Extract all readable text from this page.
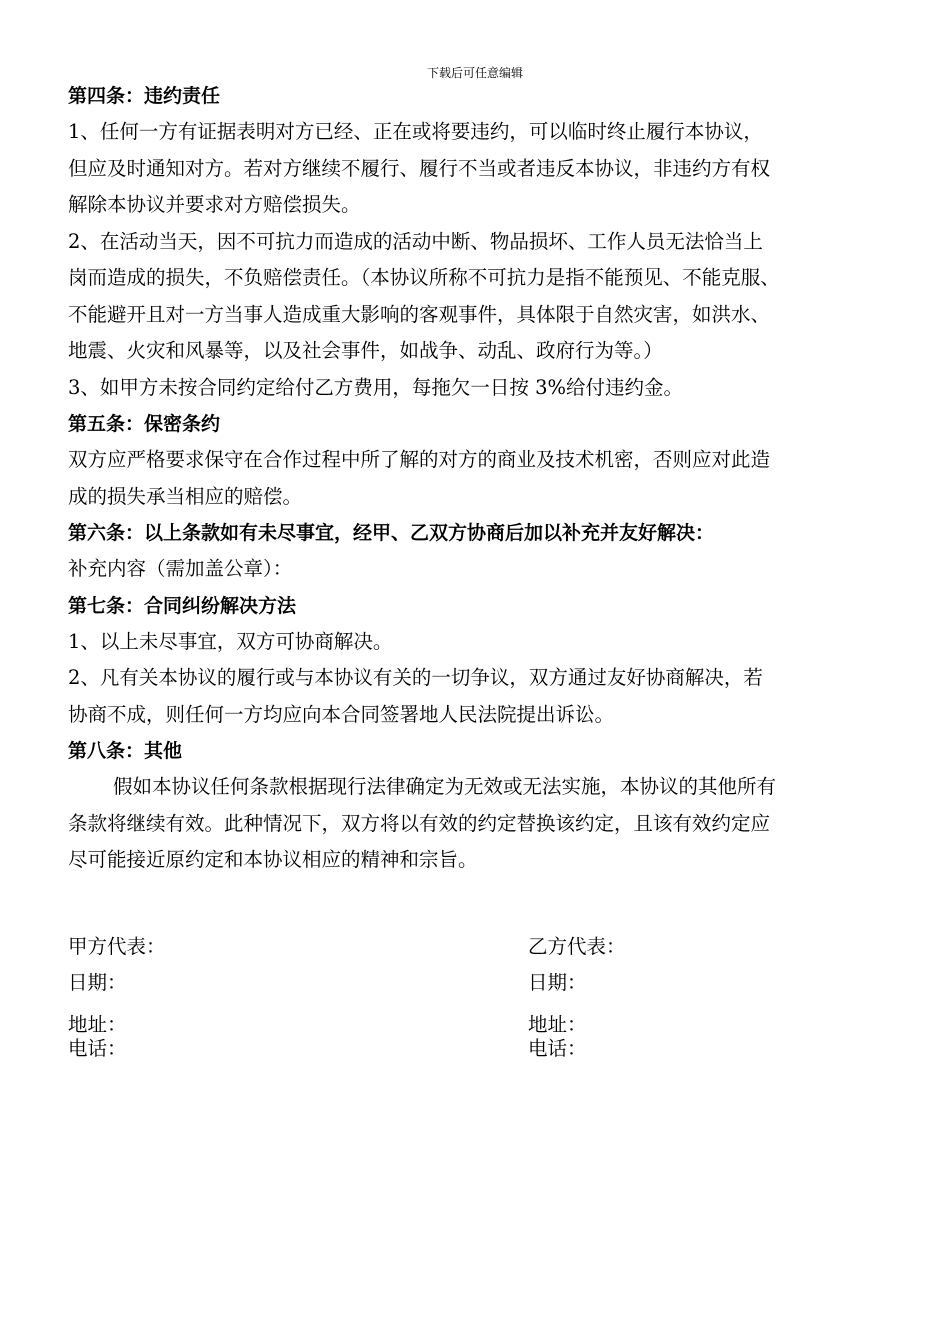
下载后可任意编辑
第四条：违约责任
1、任何一方有证据表明对方已经、正在或将要违约，可以临时终止履行本协议，
但应及时通知对方。若对方继续不履行、履行不当或者违反本协议，非违约方有权
解除本协议并要求对方赔偿损失。
2、在活动当天，因不可抗力而造成的活动中断、物品损坏、工作人员无法恰当上
岗而造成的损失，不负赔偿责任。（本协议所称不可抗力是指不能预见、不能克服、
不能避开且对一方当事人造成重大影响的客观事件，具体限于自然灾害，如洪水、
地震、火灾和风暴等，以及社会事件，如战争、动乱、政府行为等。）
3、如甲方未按合同约定给付乙方费用，每拖欠一日按 3%给付违约金。
第五条：保密条约
双方应严格要求保守在合作过程中所了解的对方的商业及技术机密，否则应对此造
成的损失承当相应的赔偿。
第六条：以上条款如有未尽事宜，经甲、乙双方协商后加以补充并友好解决：
补充内容（需加盖公章）：
第七条：合同纠纷解决方法
1、以上未尽事宜，双方可协商解决。
2、凡有关本协议的履行或与本协议有关的一切争议，双方通过友好协商解决，若
协商不成，则任何一方均应向本合同签署地人民法院提出诉讼。
第八条：其他
假如本协议任何条款根据现行法律确定为无效或无法实施，本协议的其他所有
条款将继续有效。此种情况下，双方将以有效的约定替换该约定，且该有效约定应
尽可能接近原约定和本协议相应的精神和宗旨。
甲方代表：	乙方代表：
日期：	日期：
地址：	地址：
电话：	电话：
